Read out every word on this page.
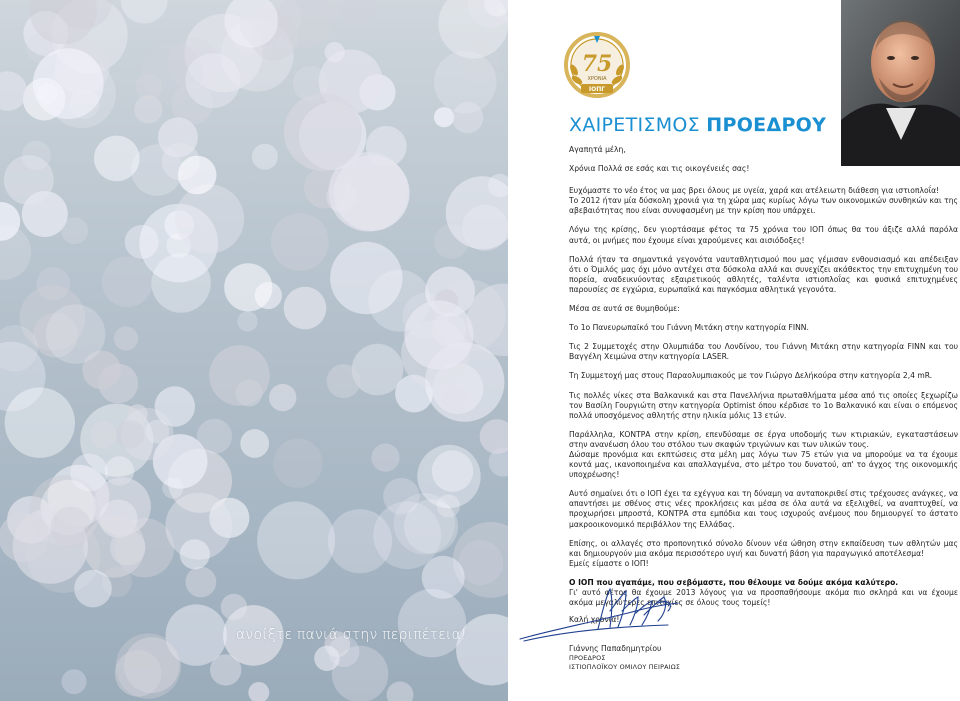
ανοίξτε πανιά στην περιπέτεια!
75
ΧΡΟΝΙΑ
ΙΟΠΓ
ΧΑΙΡΕΤΙΣΜΟΣ ΠΡΟΕΔΡΟΥ

Αγαπητά μέλη,

Χρόνια Πολλά σε εσάς και τις οικογένειές σας!

Ευχόμαστε το νέο έτος να μας βρει όλους με υγεία, χαρά και ατέλειωτη διάθεση για ιστιοπλοΐα!
Το 2012 ήταν μία δύσκολη χρονιά για τη χώρα μας κυρίως λόγω των οικονομικών συνθηκών και της αβεβαιότητας που είναι συνυφασμένη με την κρίση που υπάρχει.

Λόγω της κρίσης, δεν γιορτάσαμε φέτος τα 75 χρόνια του ΙΟΠ όπως θα του άξιζε αλλά παρόλα αυτά, οι μνήμες που έχουμε είναι χαρούμενες και αισιόδοξες!

Πολλά ήταν τα σημαντικά γεγονότα ναυταθλητισμού που μας γέμισαν ενθουσιασμό και απέδειξαν ότι ο Όμιλός μας όχι μόνο αντέχει στα δύσκολα αλλά και συνεχίζει ακάθεκτος την επιτυχημένη του πορεία, αναδεικνύοντας εξαιρετικούς αθλητές, ταλέντα ιστιοπλοΐας και φυσικά επιτυχημένες παρουσίες σε εγχώρια, ευρωπαϊκά και παγκόσμια αθλητικά γεγονότα.

Μέσα σε αυτά σε θυμηθούμε:

Το 1ο Πανευρωπαϊκό του Γιάννη Μιτάκη στην κατηγορία FINN.

Τις 2 Συμμετοχές στην Ολυμπιάδα του Λονδίνου, του Γιάννη Μιτάκη στην κατηγορία FINN και του Βαγγέλη Χειμώνα στην κατηγορία LASER.

Τη Συμμετοχή μας στους Παραολυμπιακούς με τον Γιώργο Δελήκούρα στην κατηγορία 2,4 mR.

Τις πολλές νίκες στα Βαλκανικά και στα Πανελλήνια πρωταθλήματα μέσα από τις οποίες ξεχωρίζω τον Βασίλη Γουργιώτη στην κατηγορία Optimist όπου κέρδισε το 1ο Βαλκανικό και είναι ο επόμενος πολλά υποσχόμενος αθλητής στην ηλικία μόλις 13 ετών.

Παράλληλα, ΚΟΝΤΡΑ στην κρίση, επενδύσαμε σε έργα υποδομής των κτιριακών, εγκαταστάσεων στην ανανέωση όλου του στόλου των σκαφών τριγώνων και των υλικών τους.
Δώσαμε προνόμια και εκπτώσεις στα μέλη μας λόγω των 75 ετών για να μπορούμε να τα έχουμε κοντά μας, ικανοποιημένα και απαλλαγμένα, στο μέτρο του δυνατού, απ' το άγχος της οικονομικής υποχρέωσης!

Αυτό σημαίνει ότι ο ΙΟΠ έχει τα εχέγγυα και τη δύναμη να ανταποκριθεί στις τρέχουσες ανάγκες, να απαντήσει με σθένος στις νέες προκλήσεις και μέσα σε όλα αυτά να εξελιχθεί, να αναπτυχθεί, να προχωρήσει μπροστά, ΚΟΝΤΡΑ στα εμπόδια και τους ισχυρούς ανέμους που δημιουργεί το άστατο μακροοικονομικό περιβάλλον της Ελλάδας.

Επίσης, οι αλλαγές στο προπονητικό σύνολο δίνουν νέα ώθηση στην εκπαίδευση των αθλητών μας και δημιουργούν μια ακόμα περισσότερο υγιή και δυνατή βάση για παραγωγικό αποτέλεσμα!
Εμείς είμαστε ο ΙΟΠ!

Ο ΙΟΠ που αγαπάμε, που σεβόμαστε, που θέλουμε να δούμε ακόμα καλύτερο.
Γι' αυτό φέτος θα έχουμε 2013 λόγους για να προσπαθήσουμε ακόμα πιο σκληρά και να έχουμε ακόμα μεγαλύτερες επιτυχίες σε όλους τους τομείς!

Καλή χρονιά!

Γιάννης Παπαδημητρίου
ΠΡΟΕΔΡΟΣ
ΙΣΤΙΟΠΛΟΪΚΟΥ ΟΜΙΛΟΥ ΠΕΙΡΑΙΩΣ
